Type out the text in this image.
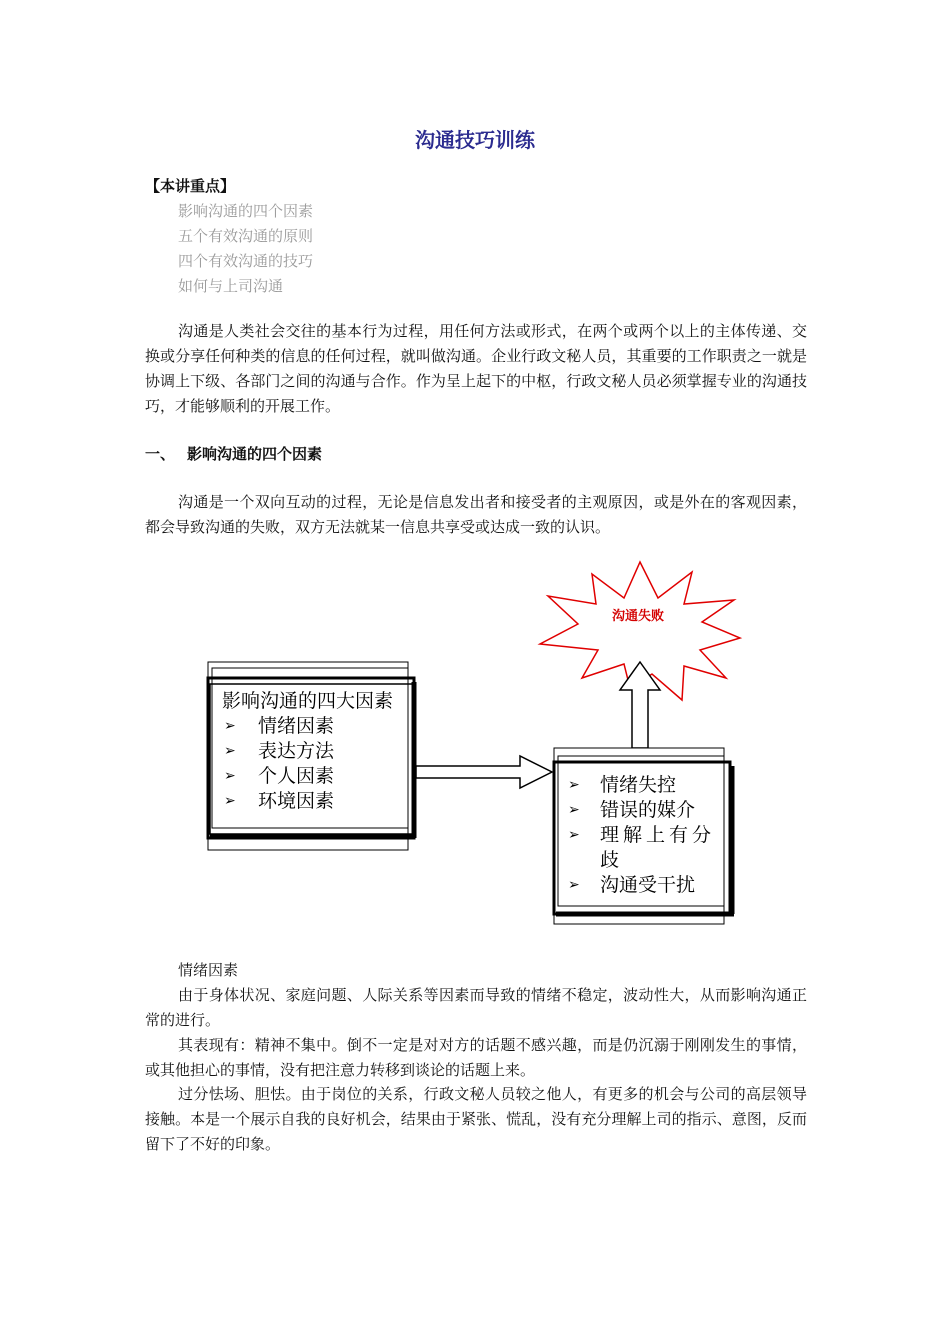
沟通技巧训练
【本讲重点】
影响沟通的四个因素
五个有效沟通的原则
四个有效沟通的技巧
如何与上司沟通

沟通是人类社会交往的基本行为过程，用任何方法或形式，在两个或两个以上的主体传递、交换或分享任何种类的信息的任何过程，就叫做沟通。企业行政文秘人员，其重要的工作职责之一就是协调上下级、各部门之间的沟通与合作。作为呈上起下的中枢，行政文秘人员必须掌握专业的沟通技巧，才能够顺利的开展工作。

一、 影响沟通的四个因素

沟通是一个双向互动的过程，无论是信息发出者和接受者的主观原因，或是外在的客观因素，都会导致沟通的失败，双方无法就某一信息共享受或达成一致的认识。

沟通失败
影响沟通的四大因素
➢ 情绪因素
➢ 表达方法
➢ 个人因素
➢ 环境因素
➢ 情绪失控
➢ 错误的媒介
➢ 理解上有分
歧
➢ 沟通受干扰

情绪因素

由于身体状况、家庭问题、人际关系等因素而导致的情绪不稳定，波动性大，从而影响沟通正常的进行。

其表现有：精神不集中。倒不一定是对对方的话题不感兴趣，而是仍沉溺于刚刚发生的事情，或其他担心的事情，没有把注意力转移到谈论的话题上来。

过分怯场、胆怯。由于岗位的关系，行政文秘人员较之他人，有更多的机会与公司的高层领导接触。本是一个展示自我的良好机会，结果由于紧张、慌乱，没有充分理解上司的指示、意图，反而留下了不好的印象。
